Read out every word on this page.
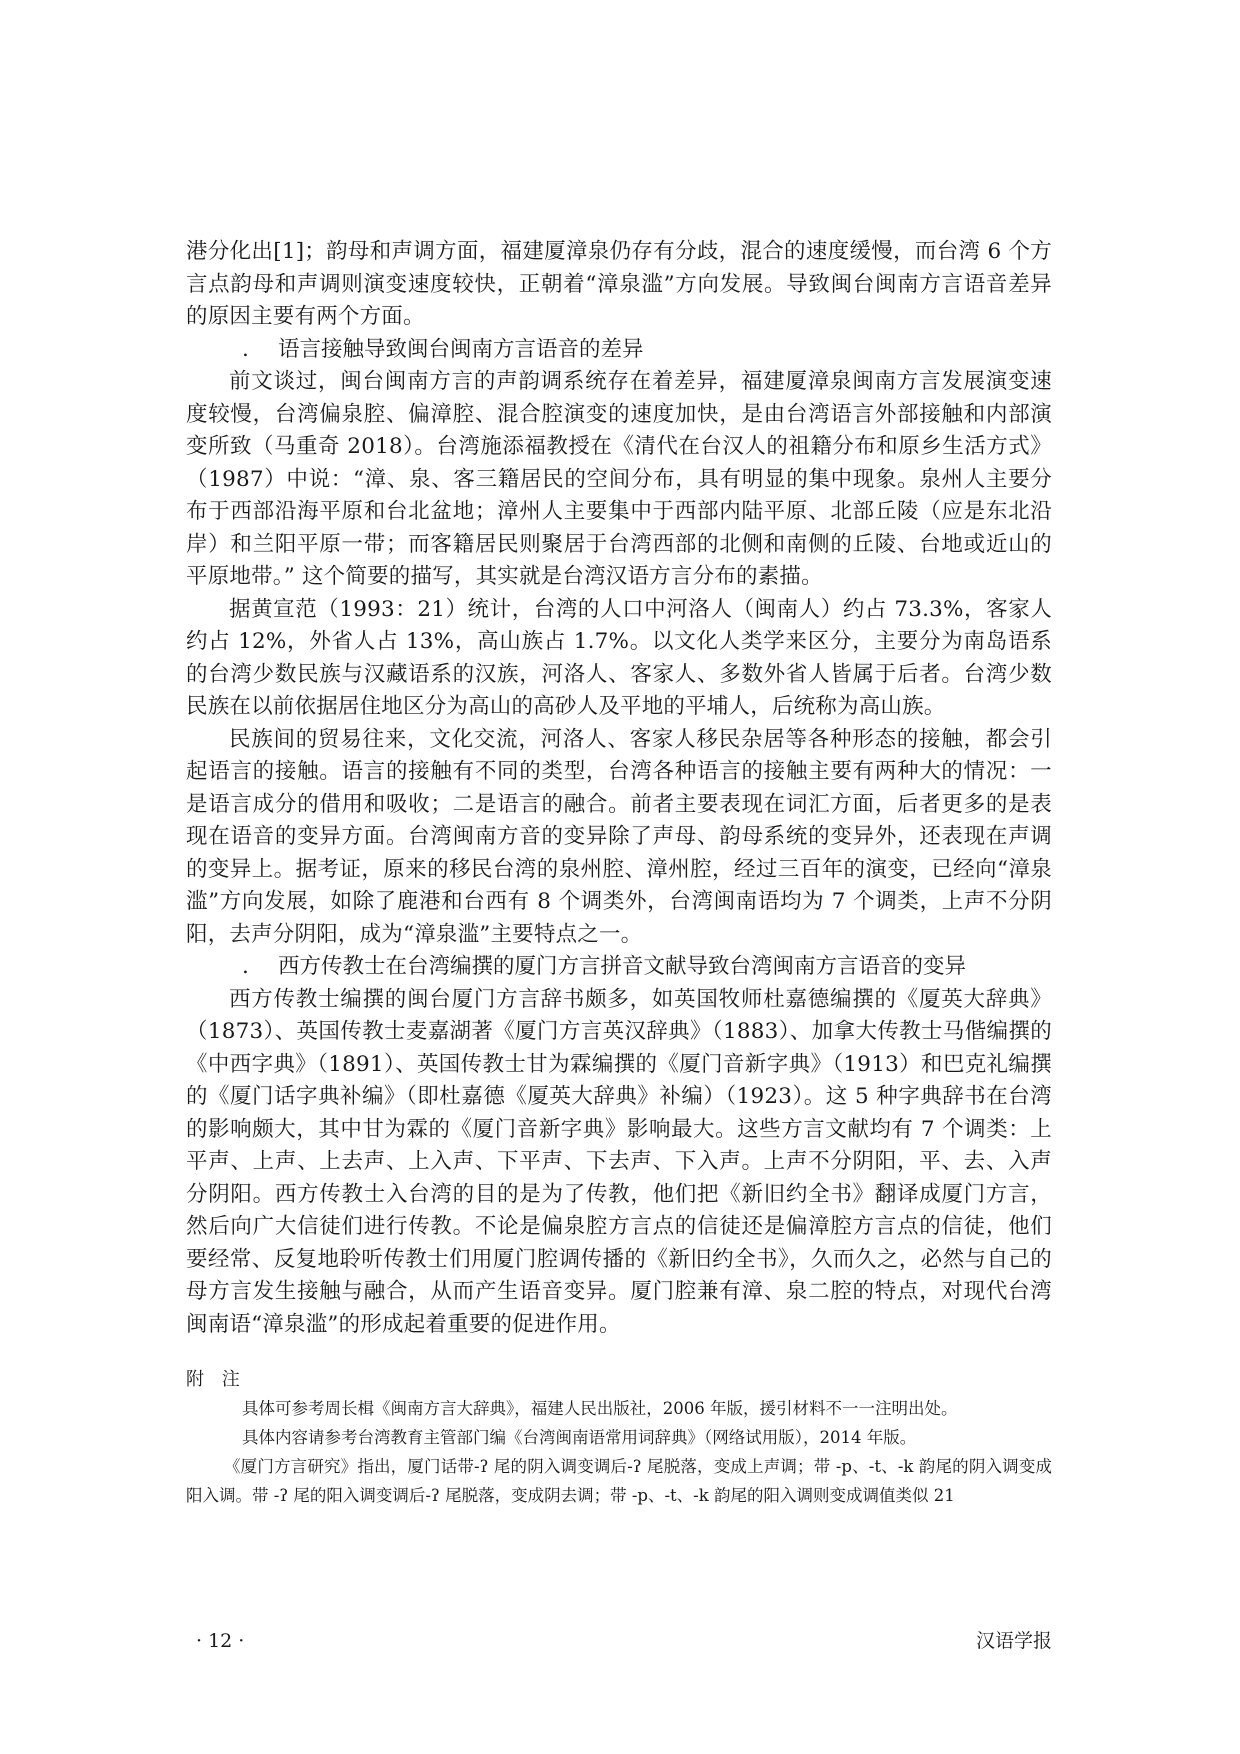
港分化出[1]；韵母和声调方面，福建厦漳泉仍存有分歧，混合的速度缓慢，而台湾 6 个方言点韵母和声调则演变速度较快，正朝着“漳泉滥”方向发展。导致闽台闽南方言语音差异的原因主要有两个方面。

. 语言接触导致闽台闽南方言语音的差异

前文谈过，闽台闽南方言的声韵调系统存在着差异，福建厦漳泉闽南方言发展演变速度较慢，台湾偏泉腔、偏漳腔、混合腔演变的速度加快，是由台湾语言外部接触和内部演变所致（马重奇 2018）。台湾施添福教授在《清代在台汉人的祖籍分布和原乡生活方式》（1987）中说：“漳、泉、客三籍居民的空间分布，具有明显的集中现象。泉州人主要分布于西部沿海平原和台北盆地；漳州人主要集中于西部内陆平原、北部丘陵（应是东北沿岸）和兰阳平原一带；而客籍居民则聚居于台湾西部的北侧和南侧的丘陵、台地或近山的平原地带。” 这个简要的描写，其实就是台湾汉语方言分布的素描。

据黄宣范（1993：21）统计，台湾的人口中河洛人（闽南人）约占 73.3%，客家人约占 12%，外省人占 13%，高山族占 1.7%。以文化人类学来区分，主要分为南岛语系的台湾少数民族与汉藏语系的汉族，河洛人、客家人、多数外省人皆属于后者。台湾少数民族在以前依据居住地区分为高山的高砂人及平地的平埔人，后统称为高山族。

民族间的贸易往来，文化交流，河洛人、客家人移民杂居等各种形态的接触，都会引起语言的接触。语言的接触有不同的类型，台湾各种语言的接触主要有两种大的情况：一是语言成分的借用和吸收；二是语言的融合。前者主要表现在词汇方面，后者更多的是表现在语音的变异方面。台湾闽南方音的变异除了声母、韵母系统的变异外，还表现在声调的变异上。据考证，原来的移民台湾的泉州腔、漳州腔，经过三百年的演变，已经向“漳泉滥”方向发展，如除了鹿港和台西有 8 个调类外，台湾闽南语均为 7 个调类，上声不分阴阳，去声分阴阳，成为“漳泉滥”主要特点之一。

. 西方传教士在台湾编撰的厦门方言拼音文献导致台湾闽南方言语音的变异

西方传教士编撰的闽台厦门方言辞书颇多，如英国牧师杜嘉德编撰的《厦英大辞典》（1873）、英国传教士麦嘉湖著《厦门方言英汉辞典》（1883）、加拿大传教士马偕编撰的《中西字典》（1891）、英国传教士甘为霖编撰的《厦门音新字典》（1913）和巴克礼编撰的《厦门话字典补编》（即杜嘉德《厦英大辞典》补编）（1923）。这 5 种字典辞书在台湾的影响颇大，其中甘为霖的《厦门音新字典》影响最大。这些方言文献均有 7 个调类：上平声、上声、上去声、上入声、下平声、下去声、下入声。上声不分阴阳，平、去、入声分阴阳。西方传教士入台湾的目的是为了传教，他们把《新旧约全书》翻译成厦门方言，然后向广大信徒们进行传教。不论是偏泉腔方言点的信徒还是偏漳腔方言点的信徒，他们要经常、反复地聆听传教士们用厦门腔调传播的《新旧约全书》，久而久之，必然与自己的母方言发生接触与融合，从而产生语音变异。厦门腔兼有漳、泉二腔的特点，对现代台湾闽南语“漳泉滥”的形成起着重要的促进作用。

附 注

具体可参考周长楫《闽南方言大辞典》，福建人民出版社，2006 年版，援引材料不一一注明出处。

具体内容请参考台湾教育主管部门编《台湾闽南语常用词辞典》（网络试用版），2014 年版。

《厦门方言研究》指出，厦门话带-ʔ 尾的阴入调变调后-ʔ 尾脱落，变成上声调；带 -p、-t、-k 韵尾的阴入调变成阳入调。带 -ʔ 尾的阳入调变调后-ʔ 尾脱落，变成阴去调；带 -p、-t、-k 韵尾的阳入调则变成调值类似 21

· 12 ·	汉语学报
